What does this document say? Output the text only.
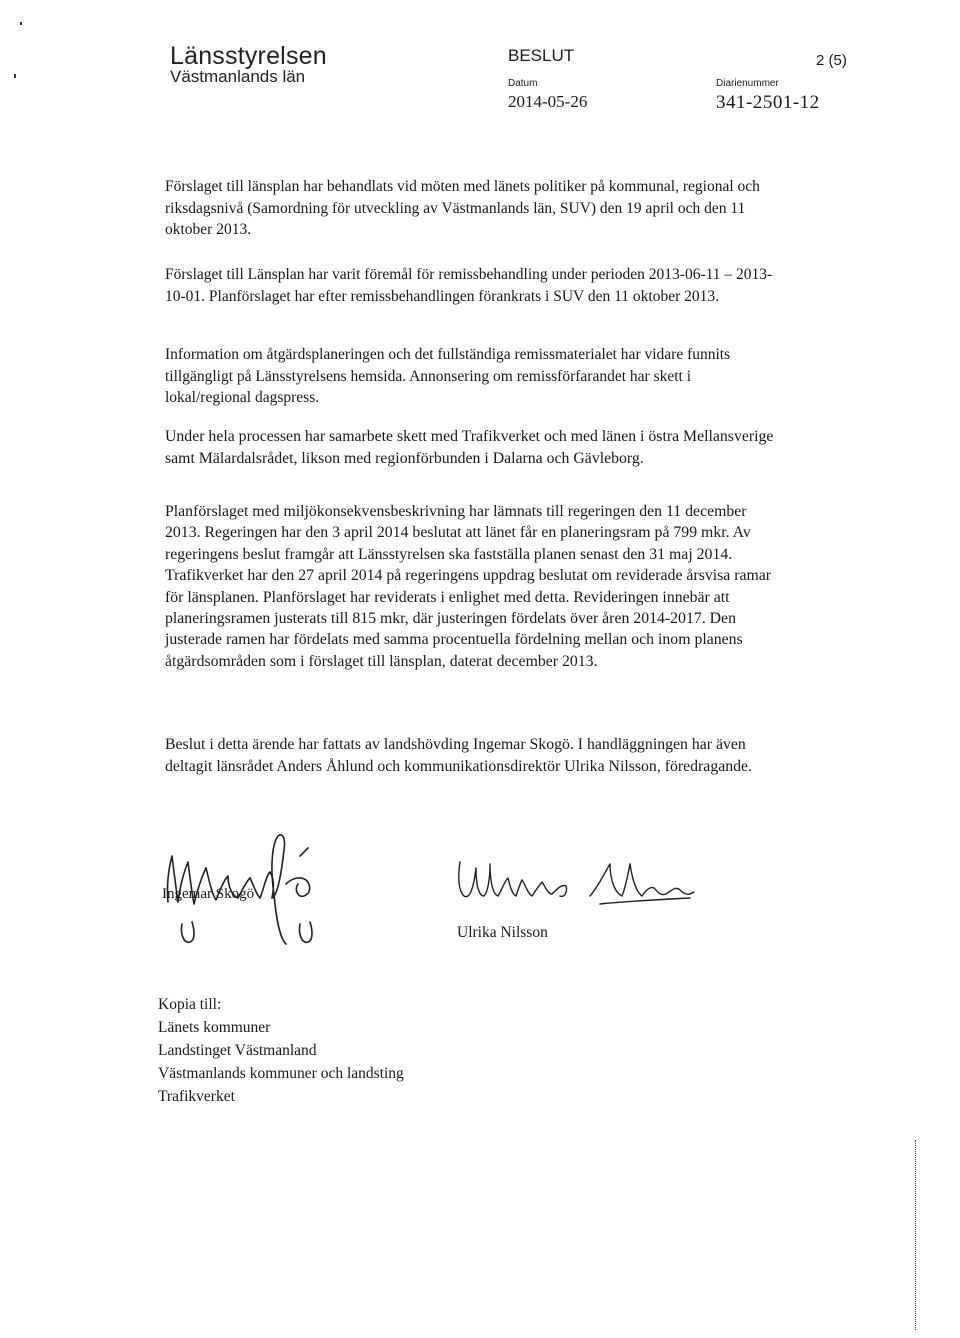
Länsstyrelsen
Västmanlands län
BESLUT	2 (5)
Datum
2014-05-26
Diarienummer
341-2501-12
Förslaget till länsplan har behandlats vid möten med länets politiker på kommunal, regional och riksdagsnivå (Samordning för utveckling av Västmanlands län, SUV) den 19 april och den 11 oktober 2013.
Förslaget till Länsplan har varit föremål för remissbehandling under perioden 2013-06-11 – 2013-10-01. Planförslaget har efter remissbehandlingen förankrats i SUV den 11 oktober 2013.
Information om åtgärdsplaneringen och det fullständiga remissmaterialet har vidare funnits tillgängligt på Länsstyrelsens hemsida. Annonsering om remissförfarandet har skett i lokal/regional dagspress.
Under hela processen har samarbete skett med Trafikverket och med länen i östra Mellansverige samt Mälardalsrådet, likson med regionförbunden i Dalarna och Gävleborg.
Planförslaget med miljökonsekvensbeskrivning har lämnats till regeringen den 11 december 2013. Regeringen har den 3 april 2014 beslutat att länet får en planeringsram på 799 mkr. Av regeringens beslut framgår att Länsstyrelsen ska fastställa planen senast den 31 maj 2014. Trafikverket har den 27 april 2014 på regeringens uppdrag beslutat om reviderade årsvisa ramar för länsplanen. Planförslaget har reviderats i enlighet med detta. Revideringen innebär att planeringsramen justerats till 815 mkr, där justeringen fördelats över åren 2014-2017. Den justerade ramen har fördelats med samma procentuella fördelning mellan och inom planens åtgärdsområden som i förslaget till länsplan, daterat december 2013.
Beslut i detta ärende har fattats av landshövding Ingemar Skogö. I handläggningen har även deltagit länsrådet Anders Åhlund och kommunikationsdirektör Ulrika Nilsson, föredragande.
Ingemar Skogö
Ulrika Nilsson
Kopia till:
Länets kommuner
Landstinget Västmanland
Västmanlands kommuner och landsting
Trafikverket
